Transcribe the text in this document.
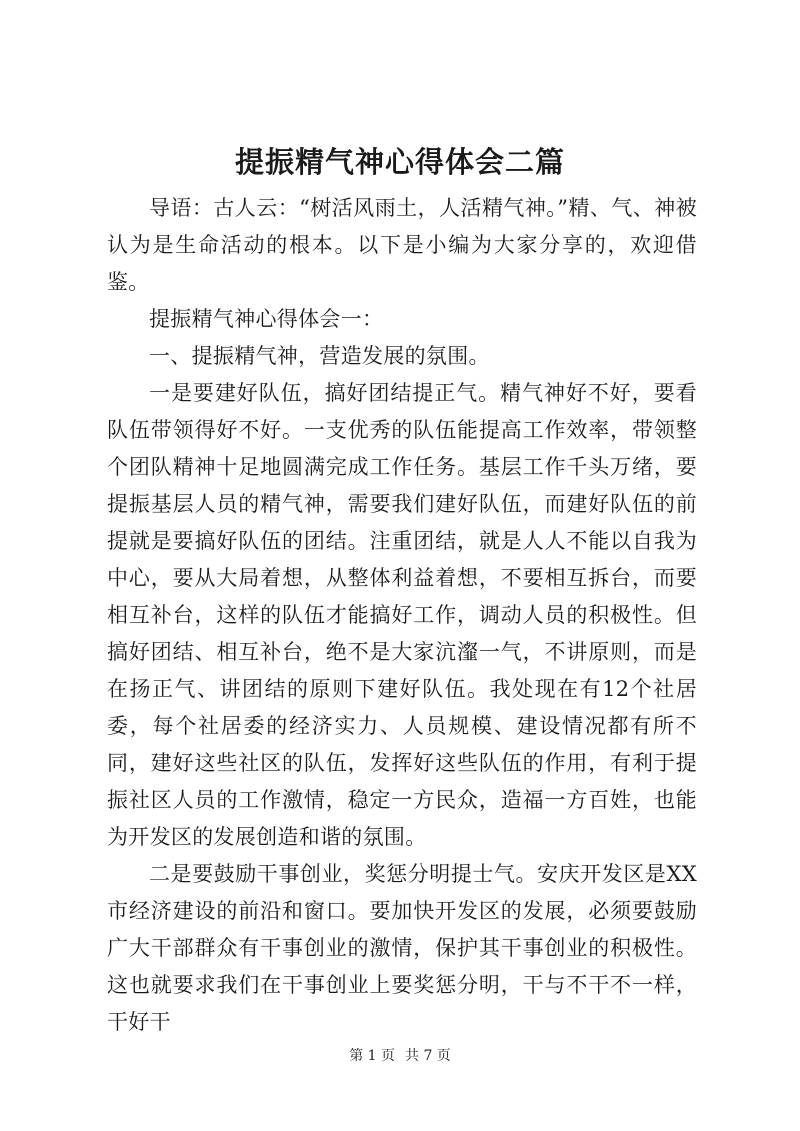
提振精气神心得体会二篇

导语：古人云：“树活风雨土，人活精气神。”精、气、神被认为是生命活动的根本。以下是小编为大家分享的，欢迎借鉴。

提振精气神心得体会一：

一、提振精气神，营造发展的氛围。

一是要建好队伍，搞好团结提正气。精气神好不好，要看队伍带领得好不好。一支优秀的队伍能提高工作效率，带领整个团队精神十足地圆满完成工作任务。基层工作千头万绪，要提振基层人员的精气神，需要我们建好队伍，而建好队伍的前提就是要搞好队伍的团结。注重团结，就是人人不能以自我为中心，要从大局着想，从整体利益着想，不要相互拆台，而要相互补台，这样的队伍才能搞好工作，调动人员的积极性。但搞好团结、相互补台，绝不是大家沆瀣一气，不讲原则，而是在扬正气、讲团结的原则下建好队伍。我处现在有12个社居委，每个社居委的经济实力、人员规模、建设情况都有所不同，建好这些社区的队伍，发挥好这些队伍的作用，有利于提振社区人员的工作激情，稳定一方民众，造福一方百姓，也能为开发区的发展创造和谐的氛围。

二是要鼓励干事创业，奖惩分明提士气。安庆开发区是XX市经济建设的前沿和窗口。要加快开发区的发展，必须要鼓励广大干部群众有干事创业的激情，保护其干事创业的积极性。这也就要求我们在干事创业上要奖惩分明，干与不干不一样，干好干

第 1 页 共 7 页
